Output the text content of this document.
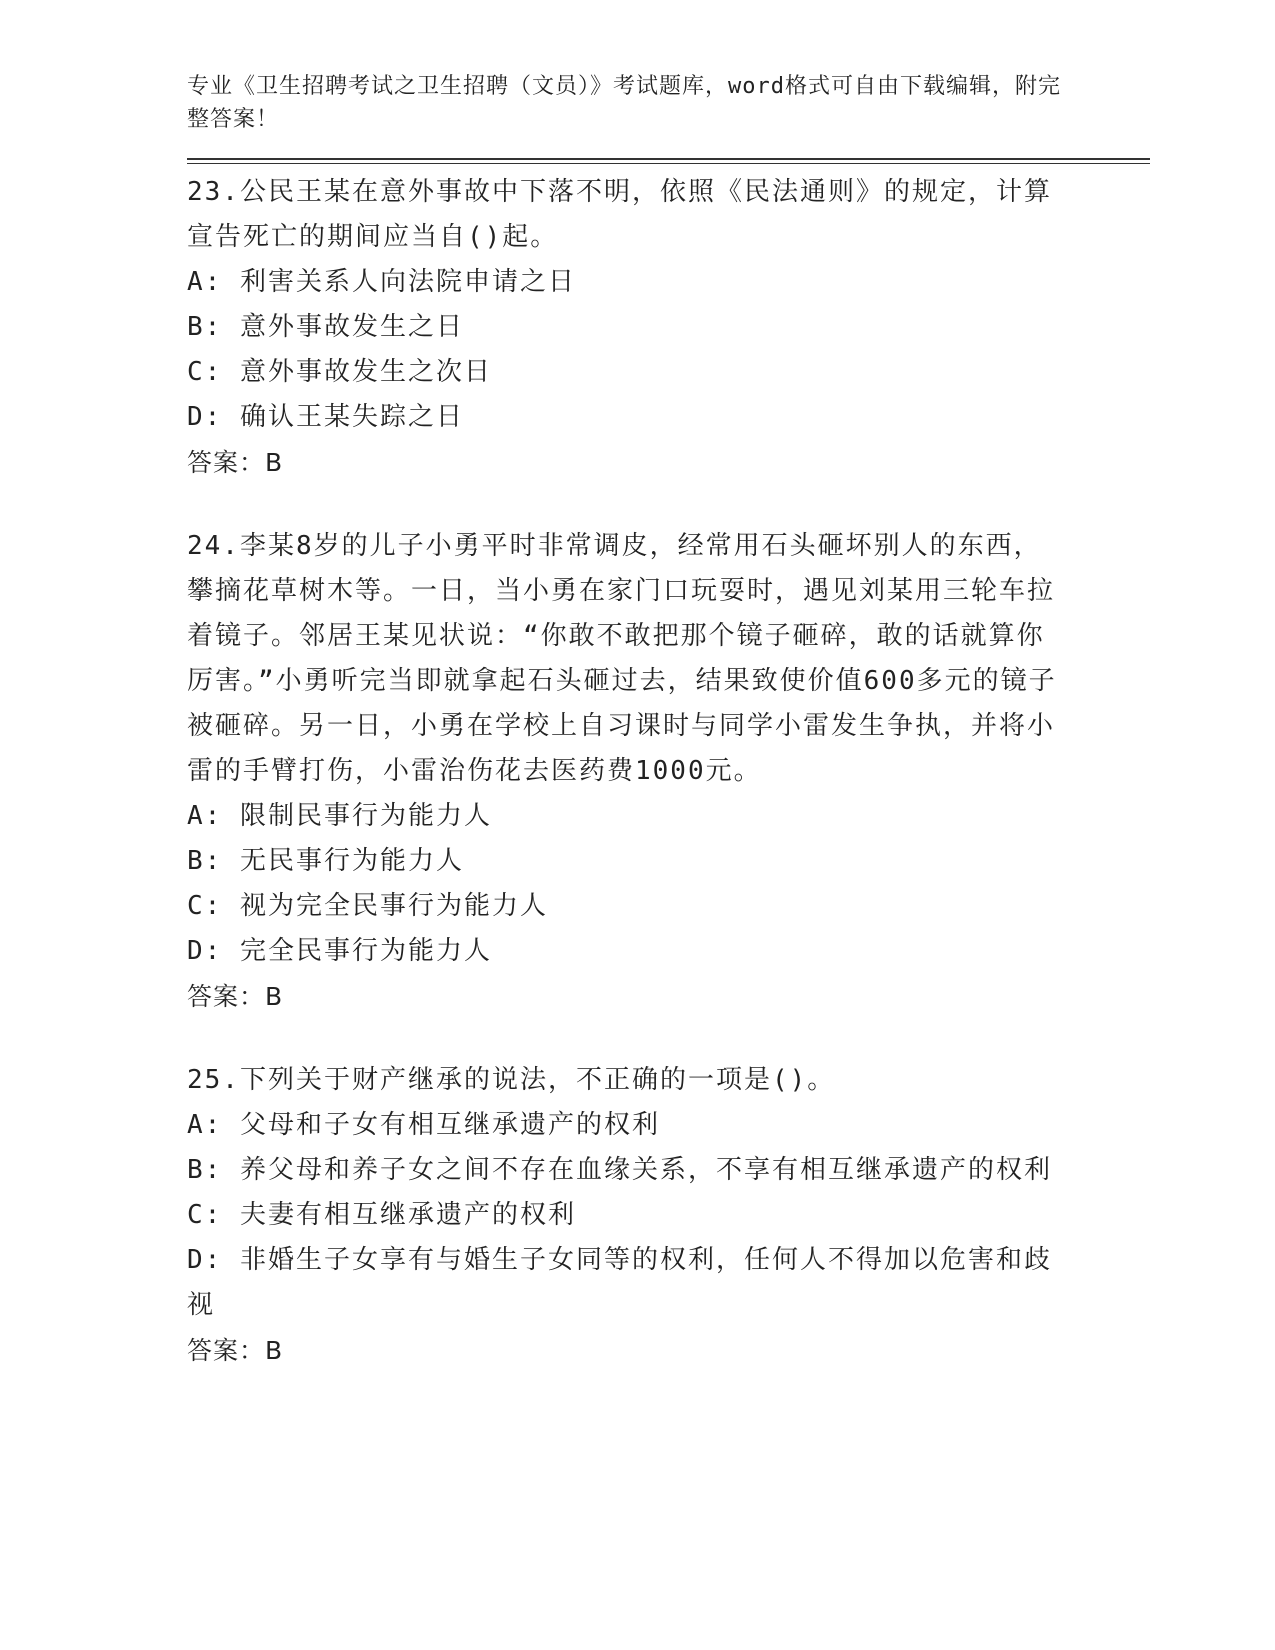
专业《卫生招聘考试之卫生招聘（文员）》考试题库，word格式可自由下载编辑，附完整答案！
23.公民王某在意外事故中下落不明，依照《民法通则》的规定，计算宣告死亡的期间应当自()起。
A: 利害关系人向法院申请之日
B: 意外事故发生之日
C: 意外事故发生之次日
D: 确认王某失踪之日
答案：B
24.李某8岁的儿子小勇平时非常调皮，经常用石头砸坏别人的东西，攀摘花草树木等。一日，当小勇在家门口玩耍时，遇见刘某用三轮车拉着镜子。邻居王某见状说：“你敢不敢把那个镜子砸碎，敢的话就算你厉害。”小勇听完当即就拿起石头砸过去，结果致使价值600多元的镜子被砸碎。另一日，小勇在学校上自习课时与同学小雷发生争执，并将小雷的手臂打伤，小雷治伤花去医药费1000元。
A: 限制民事行为能力人
B: 无民事行为能力人
C: 视为完全民事行为能力人
D: 完全民事行为能力人
答案：B
25.下列关于财产继承的说法，不正确的一项是()。
A: 父母和子女有相互继承遗产的权利
B: 养父母和养子女之间不存在血缘关系，不享有相互继承遗产的权利
C: 夫妻有相互继承遗产的权利
D: 非婚生子女享有与婚生子女同等的权利，任何人不得加以危害和歧视
答案：B
